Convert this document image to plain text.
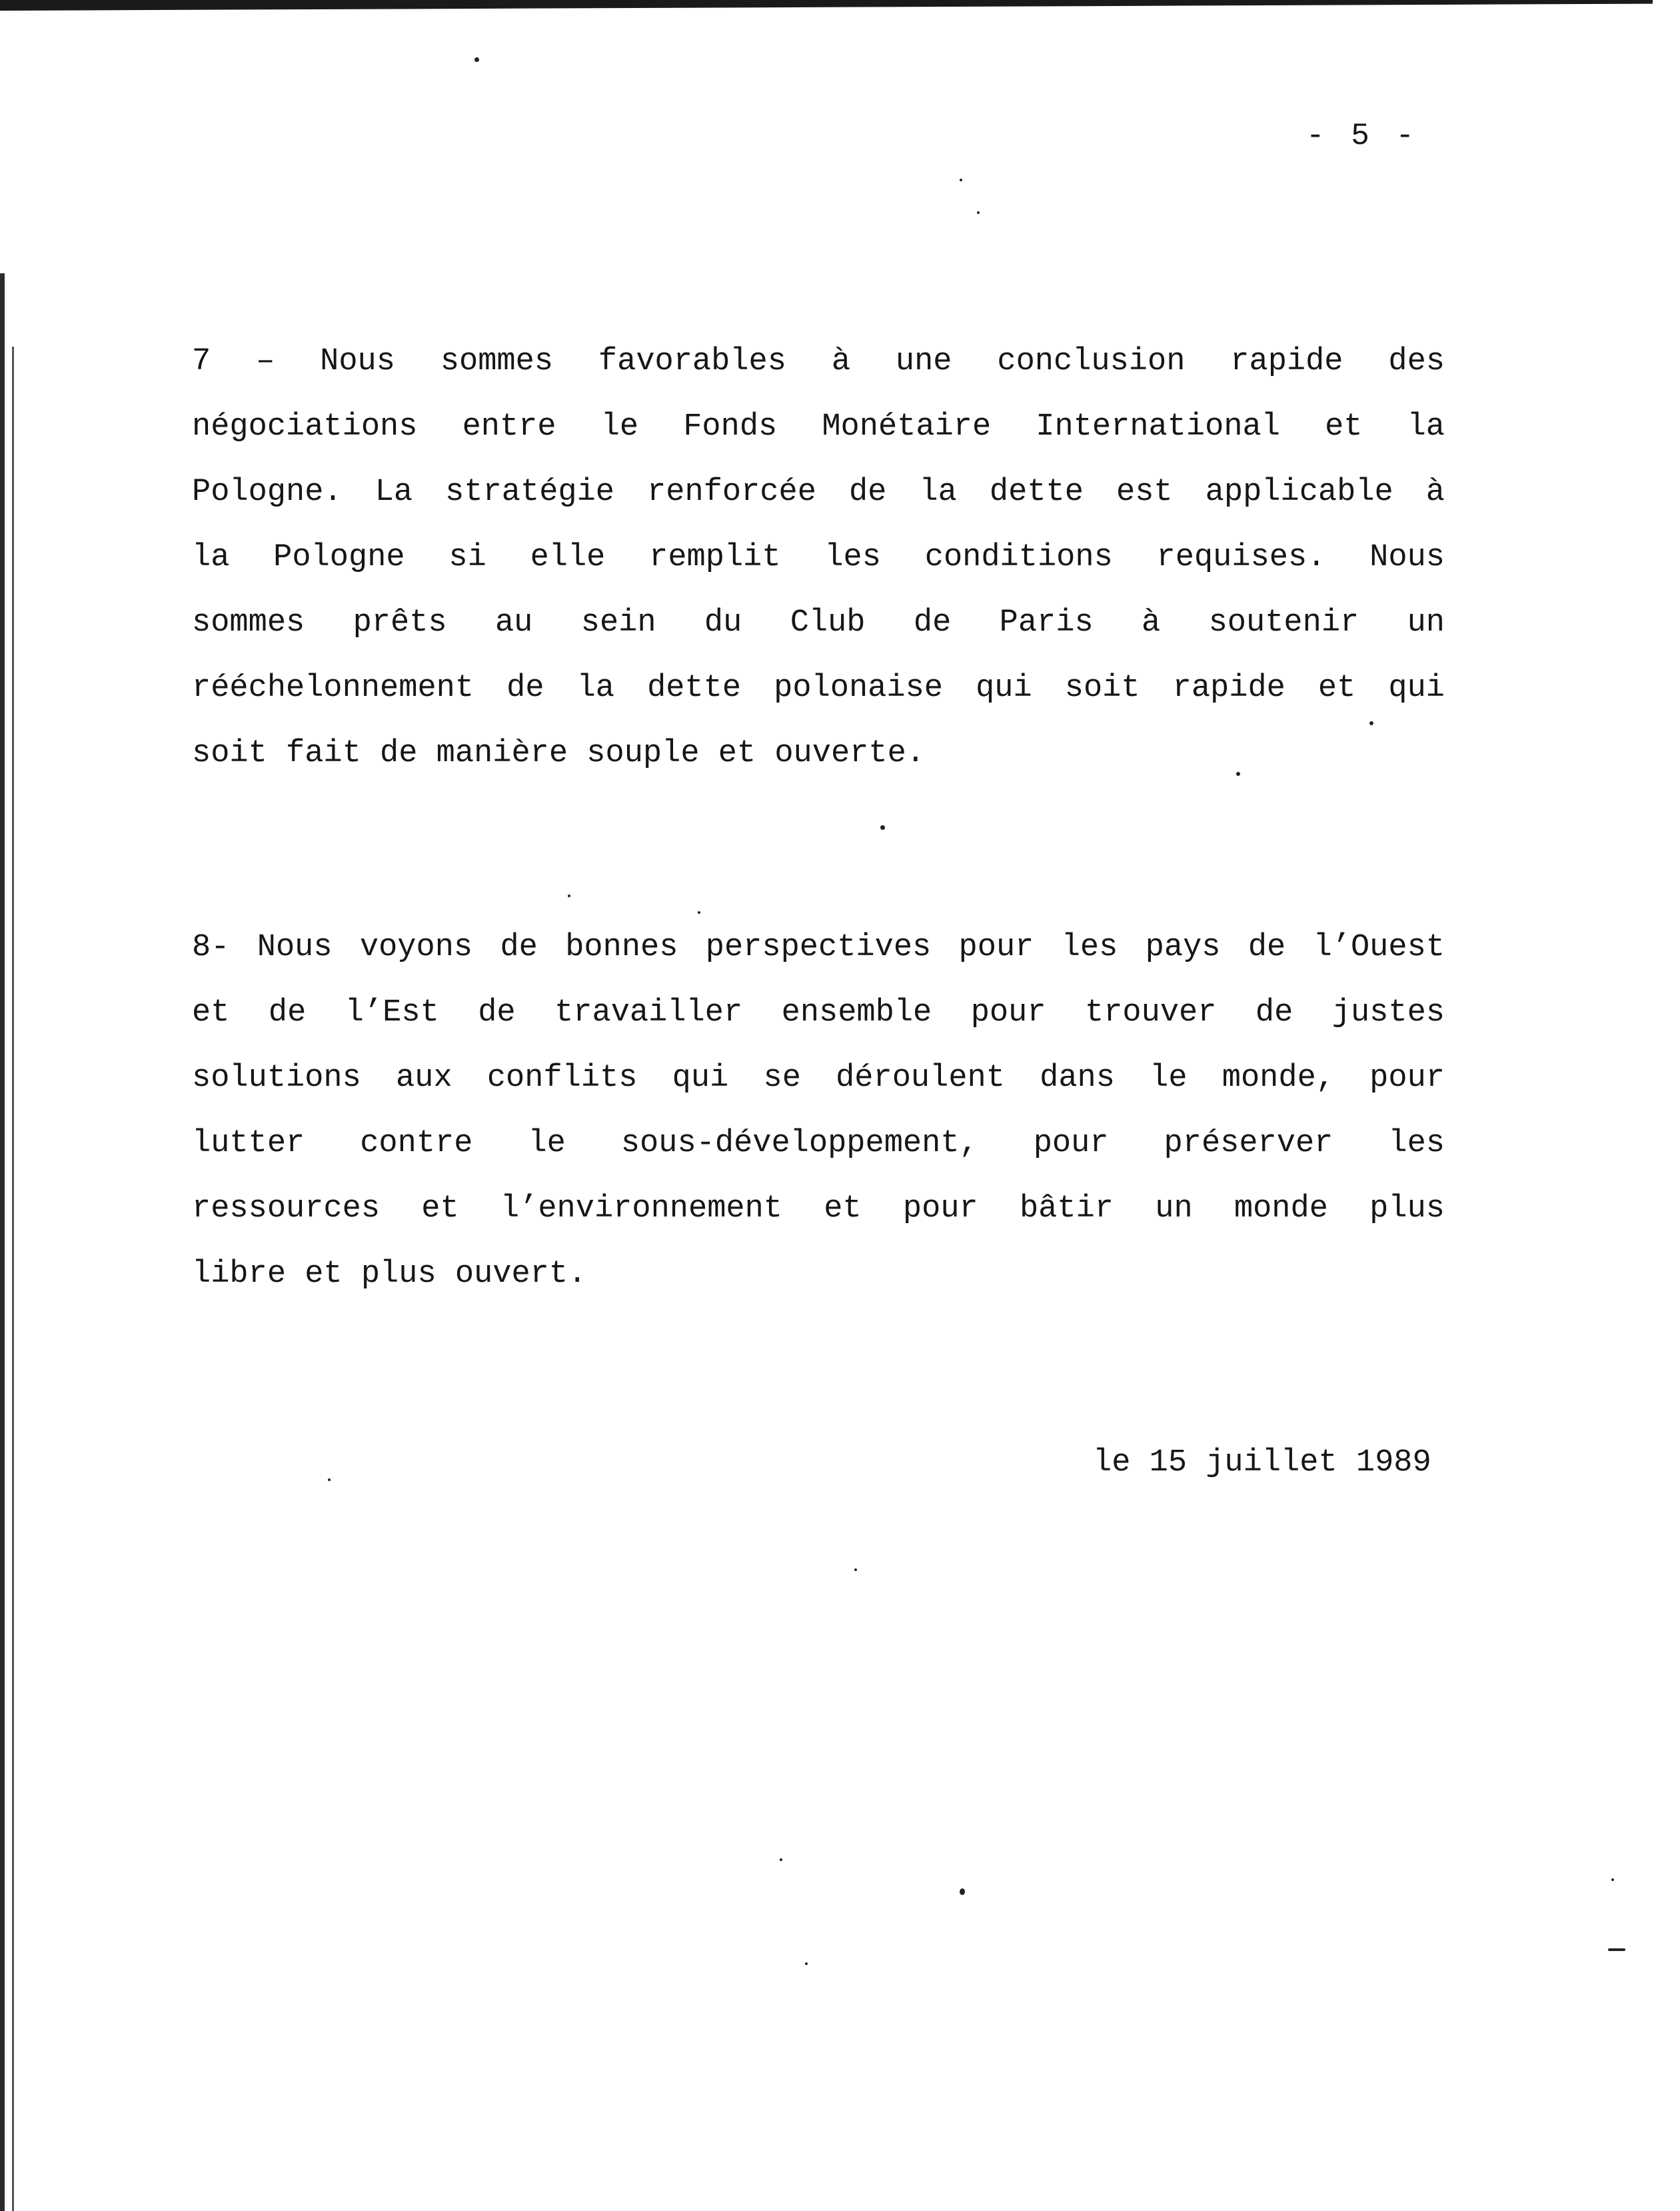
- 5 -
7 – Nous sommes favorables à une conclusion rapide des
négociations entre le Fonds Monétaire International et la
Pologne. La stratégie renforcée de la dette est applicable à
la Pologne si elle remplit les conditions requises. Nous
sommes prêts au sein du Club de Paris à soutenir un
rééchelonnement de la dette polonaise qui soit rapide et qui
soit fait de manière souple et ouverte.
8- Nous voyons de bonnes perspectives pour les pays de l’Ouest
et de l’Est de travailler ensemble pour trouver de justes
solutions aux conflits qui se déroulent dans le monde, pour
lutter contre le sous-développement, pour préserver les
ressources et l’environnement et pour bâtir un monde plus
libre et plus ouvert.
le 15 juillet 1989
